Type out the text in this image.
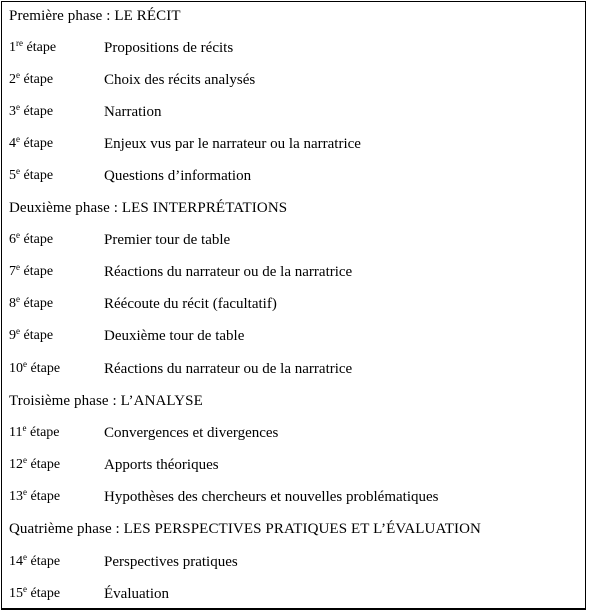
Première phase : LE RÉCIT
1re étape	Propositions de récits
2e étape	Choix des récits analysés
3e étape	Narration
4e étape	Enjeux vus par le narrateur ou la narratrice
5e étape	Questions d’information
Deuxième phase : LES INTERPRÉTATIONS
6e étape	Premier tour de table
7e étape	Réactions du narrateur ou de la narratrice
8e étape	Réécoute du récit (facultatif)
9e étape	Deuxième tour de table
10e étape	Réactions du narrateur ou de la narratrice
Troisième phase : L’ANALYSE
11e étape	Convergences et divergences
12e étape	Apports théoriques
13e étape	Hypothèses des chercheurs et nouvelles problématiques
Quatrième phase : LES PERSPECTIVES PRATIQUES ET L’ÉVALUATION
14e étape	Perspectives pratiques
15e étape	Évaluation
